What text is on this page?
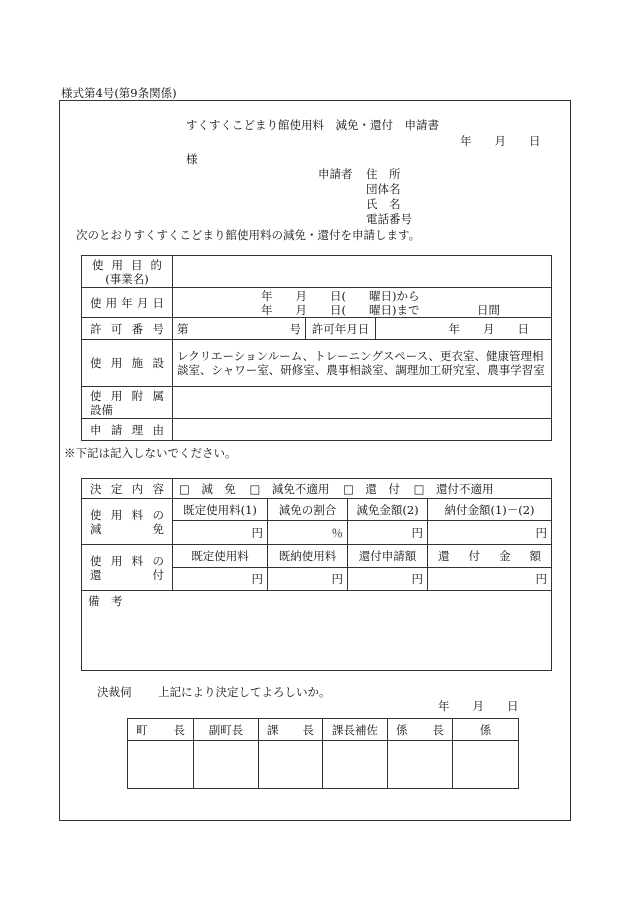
様式第4号(第9条関係)
すくすくこどまり館使用料　減免・還付　申請書
年　　月　　日
様
申請者 住　所
団体名
氏　名
電話番号
次のとおりすくすくこどまり館使用料の減免・還付を申請します。
使用目的
(事業名)			

使用年月日	年　　月　　日(　　曜日)から
年　　月　　日(　　曜日)まで　　　　　日間		

許可番号	第 号	許可年月日	年　　月　　日
使用施設	レクリエーションルーム、トレーニングスペース、更衣室、健康管理相談室、シャワー室、研修室、農事相談室、調理加工研究室、農事学習室		

使用附属
設備			

申請理由			
※下記は記入しないでください。
決定内容	□　減　免 □　減免不適用 □　還　付 □　還付不適用			

使用料の
減免	既定使用料(1)	減免の割合	減免金額(2)	納付金額(1)－(2)
	円	％	円	円

使用料の
還付	既定使用料	既納使用料	還付申請額	還付金額
	円	円	円	円
備　考				
決裁伺 上記により決定してよろしいか。
年　　月　　日
町 長	副町長	課 長	課長補佐	係 長	係
